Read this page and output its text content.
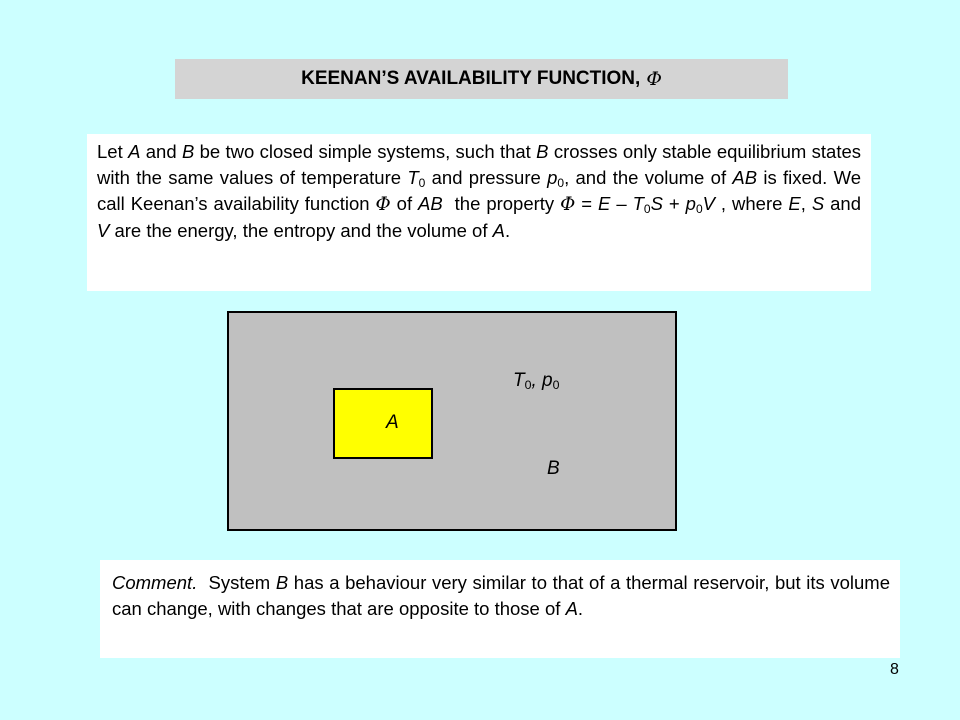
KEENAN’S AVAILABILITY FUNCTION, Φ

Let A and B be two closed simple systems, such that B crosses only stable equilibrium states with the same values of temperature $T_0$ and pressure $p_0$, and the volume of AB is fixed. We call Keenan’s availability function Φ of AB  the property $\Phi = E - T_0S + p_0V$ , where E, S and V are the energy, the entropy and the volume of A.

A
$T_0$, $p_0$
B

Comment.  System B has a behaviour very similar to that of a thermal reservoir, but its volume can change, with changes that are opposite to those of A.

8
